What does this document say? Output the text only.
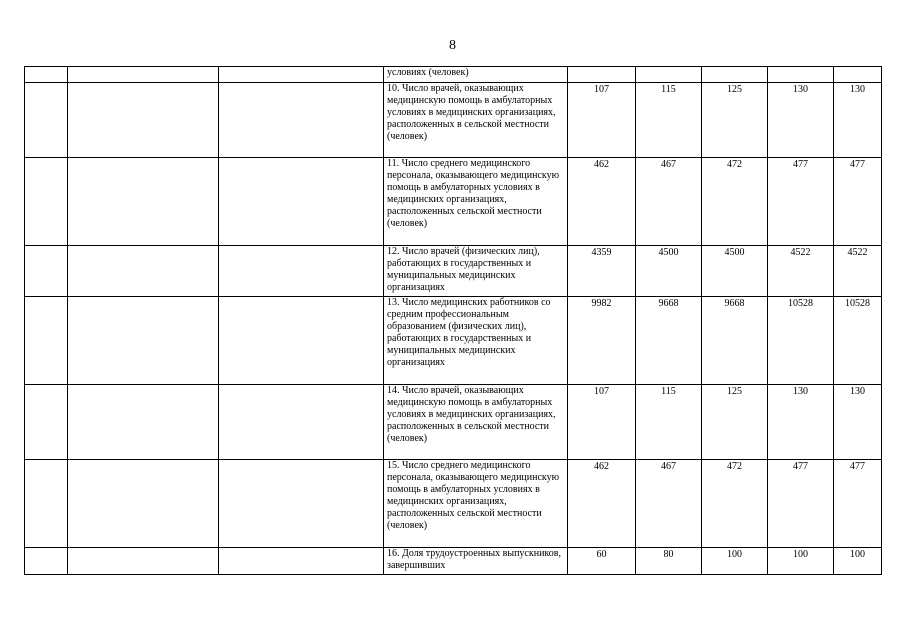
8
			условиях (человек)					
			10. Число врачей, оказывающих медицинскую помощь в амбулаторных условиях в медицинских организациях, расположенных в сельской местности (человек)	107	115	125	130	130
			11. Число среднего медицинского персонала, оказывающего медицинскую помощь в амбулаторных условиях в медицинских организациях, расположенных сельской местности (человек)	462	467	472	477	477
			12. Число врачей (физических лиц), работающих в государственных и муниципальных медицинских организациях	4359	4500	4500	4522	4522
			13. Число медицинских работников со средним профессиональным образованием (физических лиц), работающих в государственных и муниципальных медицинских организациях	9982	9668	9668	10528	10528
			14. Число врачей, оказывающих медицинскую помощь в амбулаторных условиях в медицинских организациях, расположенных в сельской местности (человек)	107	115	125	130	130
			15. Число среднего медицинского персонала, оказывающего медицинскую помощь в амбулаторных условиях в медицинских организациях, расположенных сельской местности (человек)	462	467	472	477	477
			16. Доля трудоустроенных выпускников, завершивших	60	80	100	100	100
